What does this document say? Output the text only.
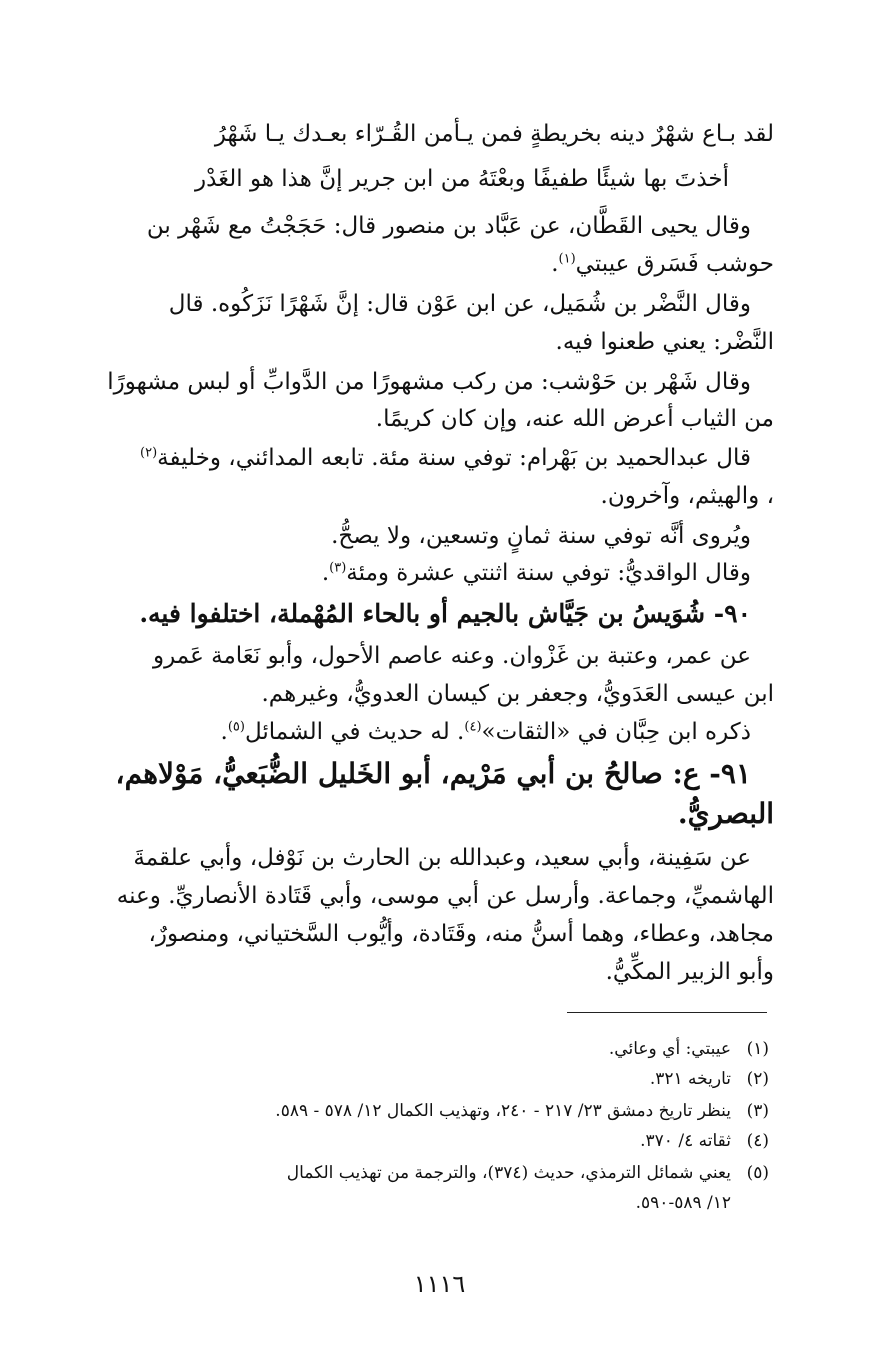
لقد بـاع شهْرٌ دينه بخريطةٍ فمن يـأمن القُـرّاء بعـدك يـا شَهْرُ

أخذتَ بها شيئًا طفيفًا وبعْتَهُ من ابن جرير إنَّ هذا هو الغَدْر

وقال يحيى القَطَّان، عن عَبَّاد بن منصور قال: حَجَجْتُ مع شَهْر بن

حوشب فَسَرق عيبتي$^{(١)}$.

وقال النَّضْر بن شُمَيل، عن ابن عَوْن قال: إنَّ شَهْرًا نَزَكُوه. قال

النَّضْر: يعني طعنوا فيه.

وقال شَهْر بن حَوْشب: من ركب مشهورًا من الدَّوابِّ أو لبس مشهورًا

من الثياب أعرض الله عنه، وإن كان كريمًا.

قال عبدالحميد بن بَهْرام: توفي سنة مئة. تابعه المدائني، وخليفة$^{(٢)}$

، والهيثم، وآخرون.

ويُروى أنَّه توفي سنة ثمانٍ وتسعين، ولا يصحُّ.

وقال الواقديُّ: توفي سنة اثنتي عشرة ومئة$^{(٣)}$.

٩٠- شُوَيسُ بن جَيَّاش بالجيم أو بالحاء المُهْملة، اختلفوا فيه.

عن عمر، وعتبة بن غَزْوان. وعنه عاصم الأحول، وأبو نَعَامة عَمرو

ابن عيسى العَدَويُّ، وجعفر بن كيسان العدويُّ، وغيرهم.

ذكره ابن حِبَّان في «الثقات»$^{(٤)}$. له حديث في الشمائل$^{(٥)}$.

٩١- ع: صالحُ بن أبي مَرْيم، أبو الخَليل الضُّبَعيُّ، مَوْلاهم،

البصريُّ.

عن سَفِينة، وأبي سعيد، وعبدالله بن الحارث بن نَوْفل، وأبي علقمةَ

الهاشميِّ، وجماعة. وأرسل عن أبي موسى، وأبي قَتَادة الأنصاريِّ. وعنه

مجاهد، وعطاء، وهما أسنُّ منه، وقَتَادة، وأيُّوب السَّختياني، ومنصورٌ،

وأبو الزبير المكِّيُّ.

(١)عيبتي: أي وعائي.
(٢)تاريخه ٣٢١.
(٣)ينظر تاريخ دمشق ٢٣/ ٢١٧ - ٢٤٠، وتهذيب الكمال ١٢/ ٥٧٨ - ٥٨٩.
(٤)ثقاته ٤/ ٣٧٠.
(٥)يعني شمائل الترمذي، حديث (٣٧٤)، والترجمة من تهذيب الكمال
١٢/ ٥٨٩-٥٩٠.
١١١٦
